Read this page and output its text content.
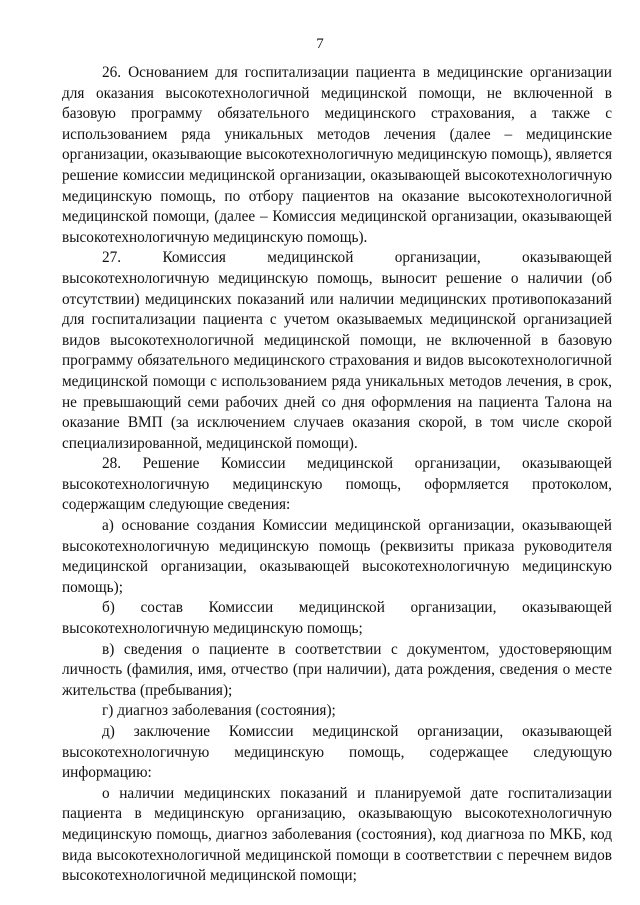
7

26. Основанием для госпитализации пациента в медицинские организации для оказания высокотехнологичной медицинской помощи, не включенной в базовую программу обязательного медицинского страхования, а также с использованием ряда уникальных методов лечения (далее – медицинские организации, оказывающие высокотехнологичную медицинскую помощь), является решение комиссии медицинской организации, оказывающей высокотехнологичную медицинскую помощь, по отбору пациентов на оказание высокотехнологичной медицинской помощи, (далее – Комиссия медицинской организации, оказывающей высокотехнологичную медицинскую помощь).

27. Комиссия медицинской организации, оказывающей высокотехнологичную медицинскую помощь, выносит решение о наличии (об отсутствии) медицинских показаний или наличии медицинских противопоказаний для госпитализации пациента с учетом оказываемых медицинской организацией видов высокотехнологичной медицинской помощи, не включенной в базовую программу обязательного медицинского страхования и видов высокотехнологичной медицинской помощи с использованием ряда уникальных методов лечения, в срок, не превышающий семи рабочих дней со дня оформления на пациента Талона на оказание ВМП (за исключением случаев оказания скорой, в том числе скорой специализированной, медицинской помощи).

28. Решение Комиссии медицинской организации, оказывающей высокотехнологичную медицинскую помощь, оформляется протоколом, содержащим следующие сведения:

а) основание создания Комиссии медицинской организации, оказывающей высокотехнологичную медицинскую помощь (реквизиты приказа руководителя медицинской организации, оказывающей высокотехнологичную медицинскую помощь);

б) состав Комиссии медицинской организации, оказывающей высокотехнологичную медицинскую помощь;

в) сведения о пациенте в соответствии с документом, удостоверяющим личность (фамилия, имя, отчество (при наличии), дата рождения, сведения о месте жительства (пребывания);

г) диагноз заболевания (состояния);

д) заключение Комиссии медицинской организации, оказывающей высокотехнологичную медицинскую помощь, содержащее следующую информацию:

о наличии медицинских показаний и планируемой дате госпитализации пациента в медицинскую организацию, оказывающую высокотехнологичную медицинскую помощь, диагноз заболевания (состояния), код диагноза по МКБ, код вида высокотехнологичной медицинской помощи в соответствии с перечнем видов высокотехнологичной медицинской помощи;
